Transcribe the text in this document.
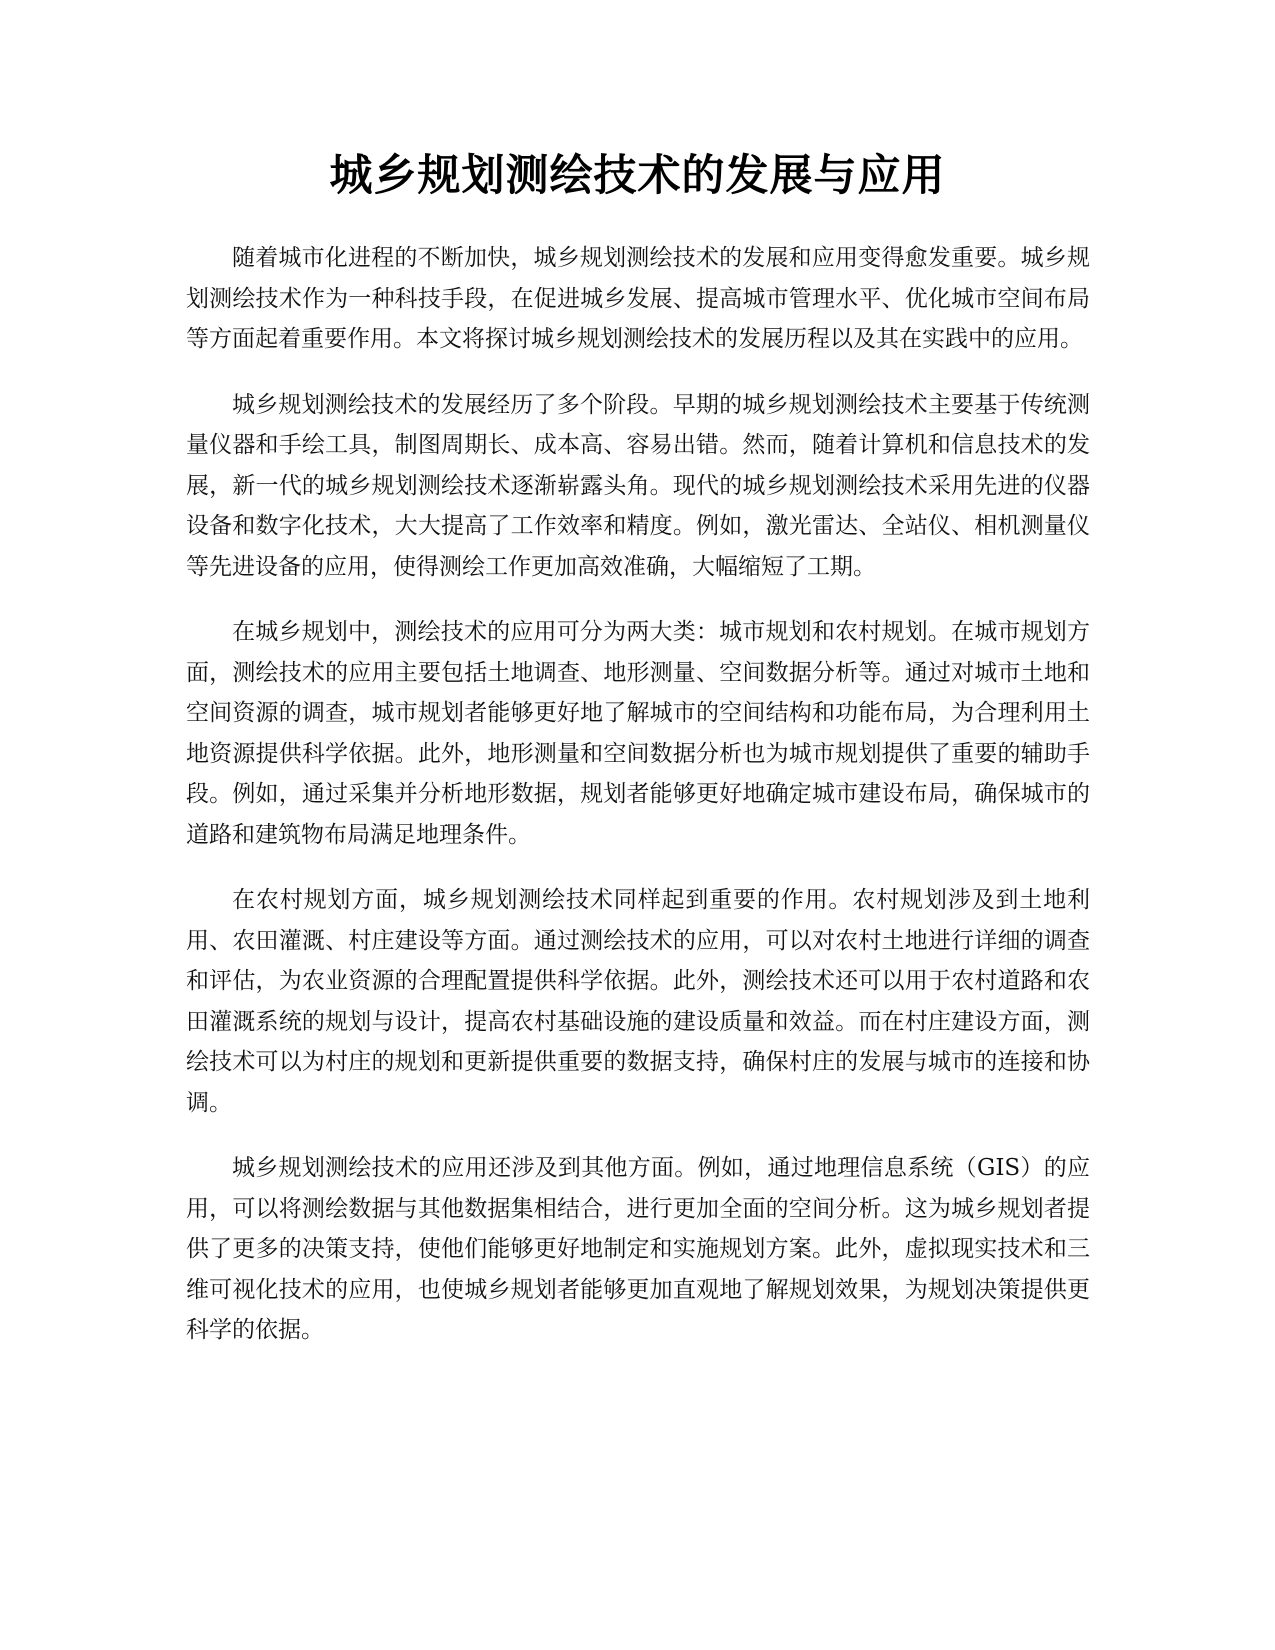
城乡规划测绘技术的发展与应用

随着城市化进程的不断加快，城乡规划测绘技术的发展和应用变得愈发重要。城乡规划测绘技术作为一种科技手段，在促进城乡发展、提高城市管理水平、优化城市空间布局等方面起着重要作用。本文将探讨城乡规划测绘技术的发展历程以及其在实践中的应用。

城乡规划测绘技术的发展经历了多个阶段。早期的城乡规划测绘技术主要基于传统测量仪器和手绘工具，制图周期长、成本高、容易出错。然而，随着计算机和信息技术的发展，新一代的城乡规划测绘技术逐渐崭露头角。现代的城乡规划测绘技术采用先进的仪器设备和数字化技术，大大提高了工作效率和精度。例如，激光雷达、全站仪、相机测量仪等先进设备的应用，使得测绘工作更加高效准确，大幅缩短了工期。

在城乡规划中，测绘技术的应用可分为两大类：城市规划和农村规划。在城市规划方面，测绘技术的应用主要包括土地调查、地形测量、空间数据分析等。通过对城市土地和空间资源的调查，城市规划者能够更好地了解城市的空间结构和功能布局，为合理利用土地资源提供科学依据。此外，地形测量和空间数据分析也为城市规划提供了重要的辅助手段。例如，通过采集并分析地形数据，规划者能够更好地确定城市建设布局，确保城市的道路和建筑物布局满足地理条件。

在农村规划方面，城乡规划测绘技术同样起到重要的作用。农村规划涉及到土地利用、农田灌溉、村庄建设等方面。通过测绘技术的应用，可以对农村土地进行详细的调查和评估，为农业资源的合理配置提供科学依据。此外，测绘技术还可以用于农村道路和农田灌溉系统的规划与设计，提高农村基础设施的建设质量和效益。而在村庄建设方面，测绘技术可以为村庄的规划和更新提供重要的数据支持，确保村庄的发展与城市的连接和协调。

城乡规划测绘技术的应用还涉及到其他方面。例如，通过地理信息系统（GIS）的应用，可以将测绘数据与其他数据集相结合，进行更加全面的空间分析。这为城乡规划者提供了更多的决策支持，使他们能够更好地制定和实施规划方案。此外，虚拟现实技术和三维可视化技术的应用，也使城乡规划者能够更加直观地了解规划效果，为规划决策提供更科学的依据。
